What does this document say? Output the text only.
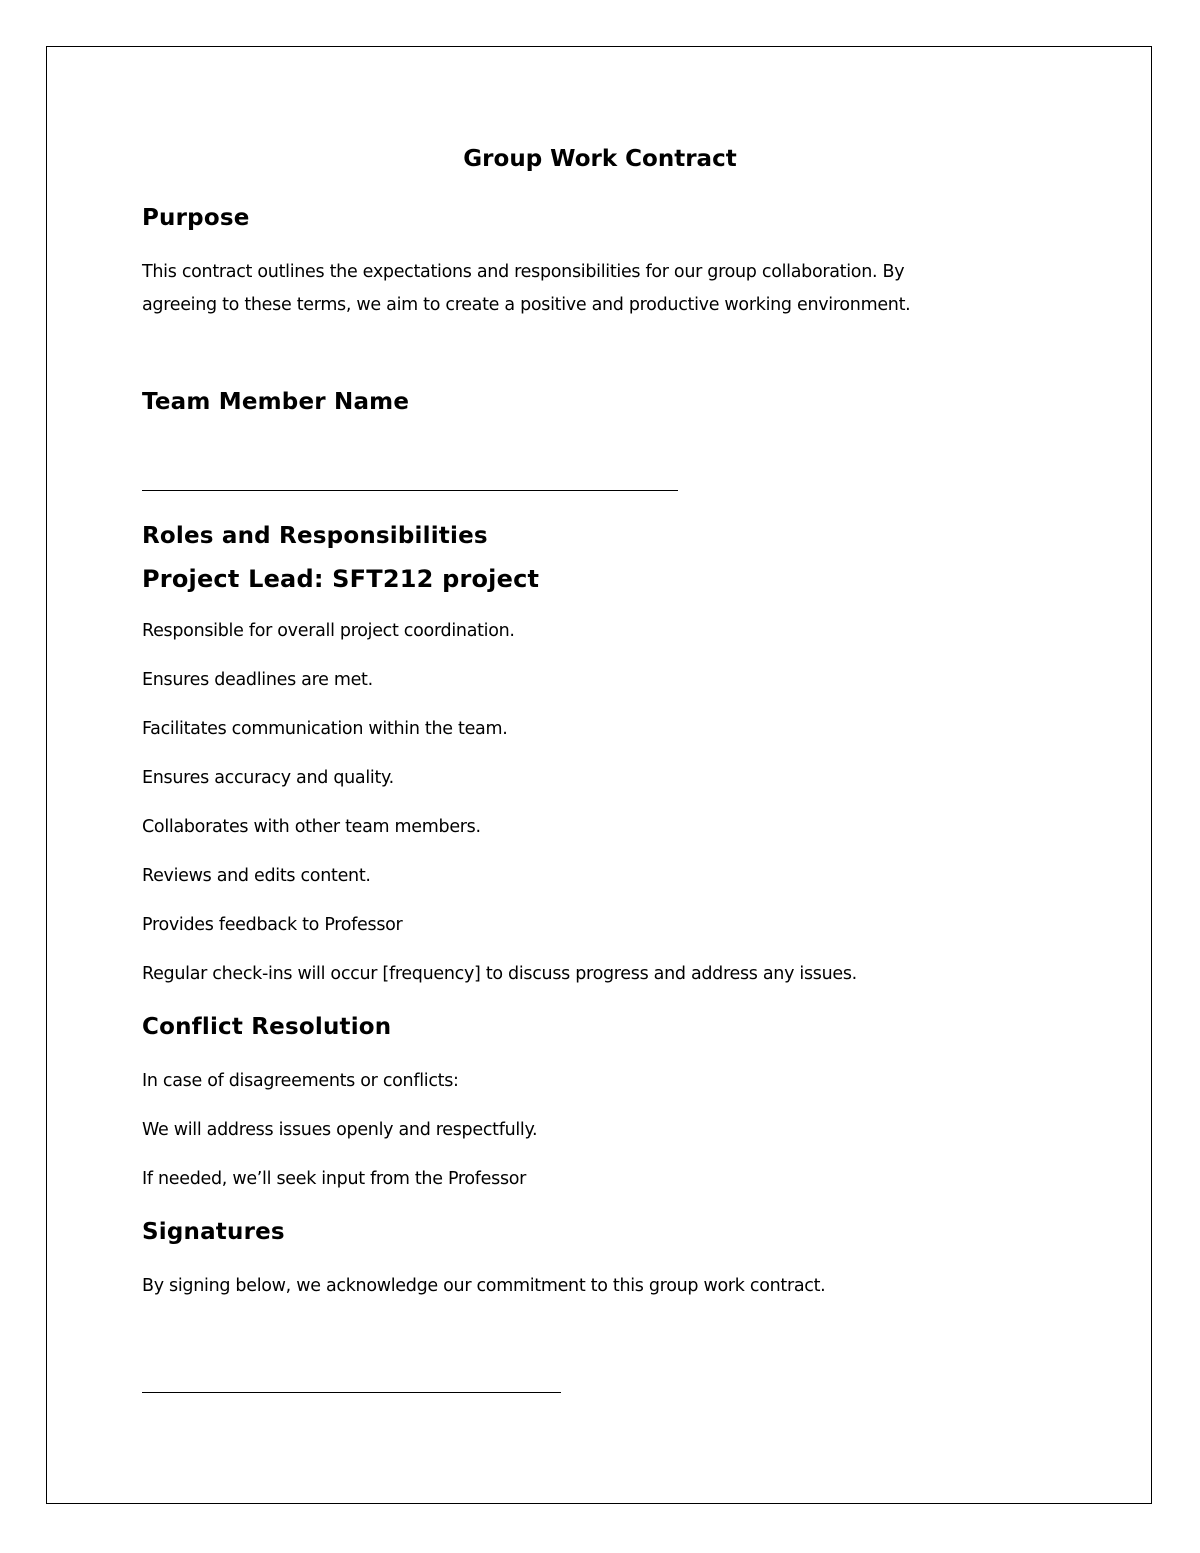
Group Work Contract
Purpose

This contract outlines the expectations and responsibilities for our group collaboration. By

agreeing to these terms, we aim to create a positive and productive working environment.

Team Member Name
Roles and Responsibilities
Project Lead: SFT212 project

Responsible for overall project coordination.

Ensures deadlines are met.

Facilitates communication within the team.

Ensures accuracy and quality.

Collaborates with other team members.

Reviews and edits content.

Provides feedback to Professor

Regular check-ins will occur [frequency] to discuss progress and address any issues.

Conflict Resolution

In case of disagreements or conflicts:

We will address issues openly and respectfully.

If needed, we’ll seek input from the Professor

Signatures

By signing below, we acknowledge our commitment to this group work contract.
